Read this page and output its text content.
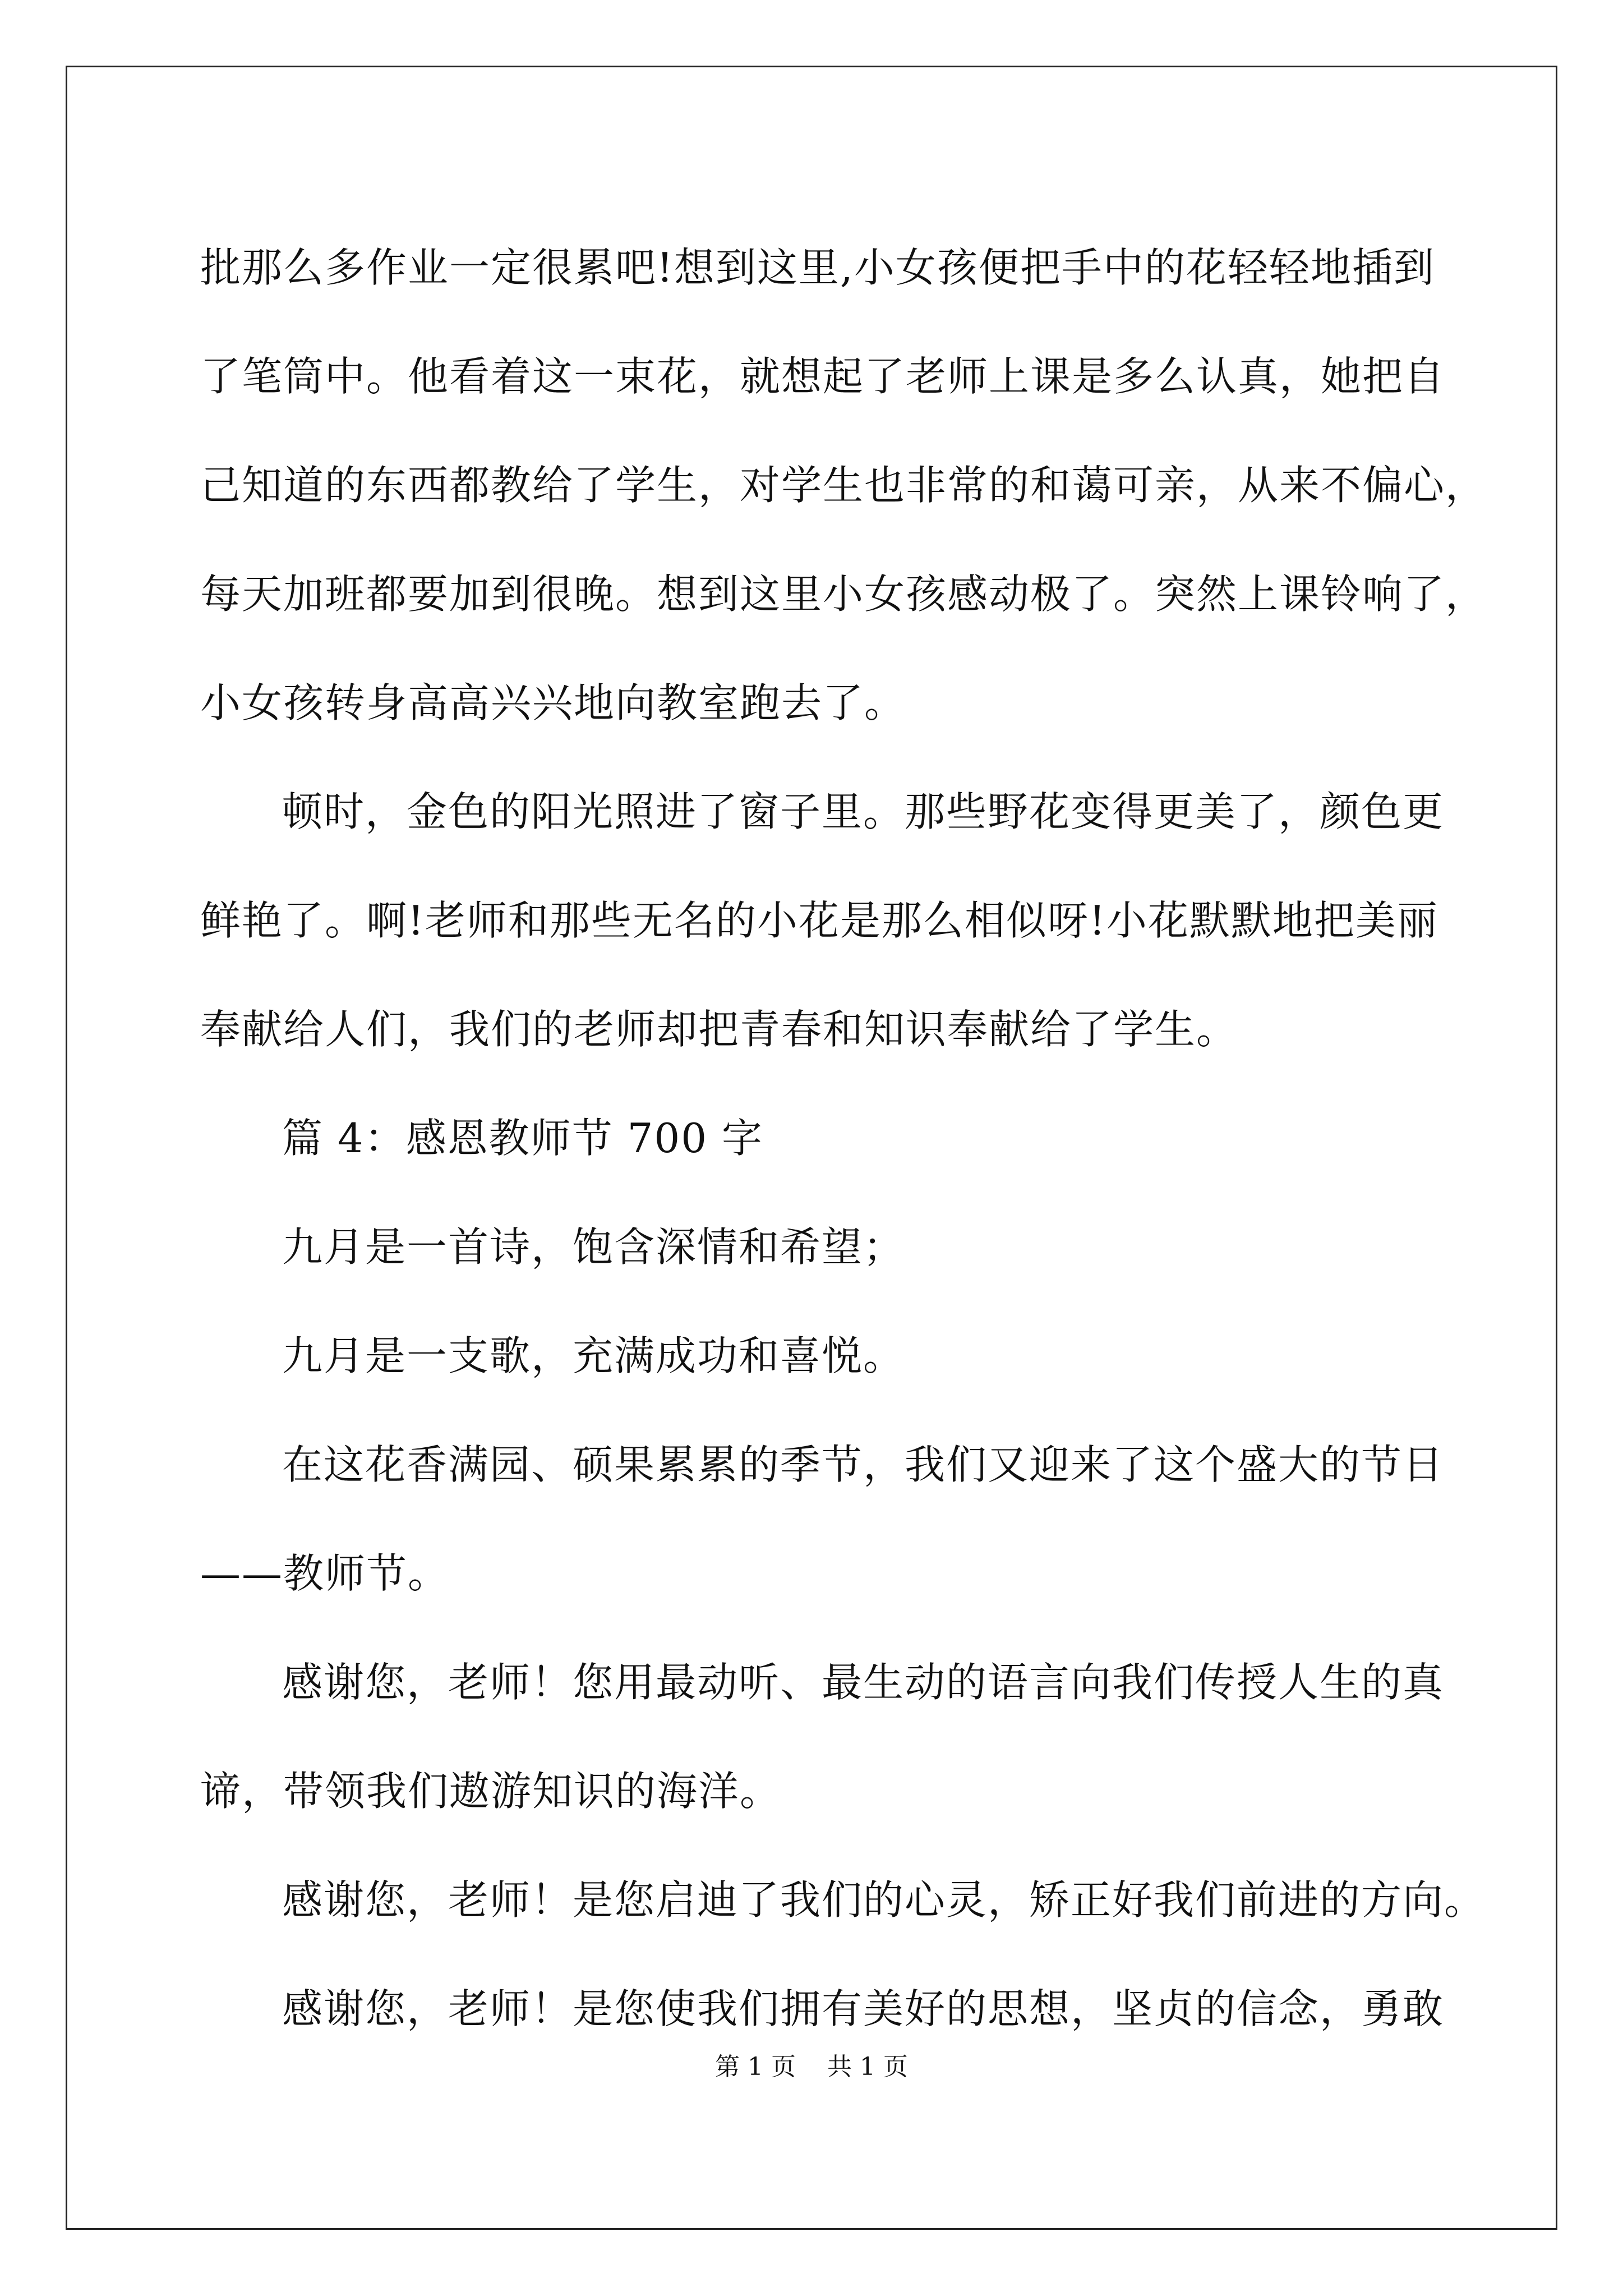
批那么多作业一定很累吧!想到这里,小女孩便把手中的花轻轻地插到

了笔筒中。他看着这一束花，就想起了老师上课是多么认真，她把自

己知道的东西都教给了学生，对学生也非常的和蔼可亲，从来不偏心，

每天加班都要加到很晚。想到这里小女孩感动极了。突然上课铃响了，

小女孩转身高高兴兴地向教室跑去了。

顿时，金色的阳光照进了窗子里。那些野花变得更美了，颜色更

鲜艳了。啊!老师和那些无名的小花是那么相似呀!小花默默地把美丽

奉献给人们，我们的老师却把青春和知识奉献给了学生。

篇 4：感恩教师节 700 字

九月是一首诗，饱含深情和希望；

九月是一支歌，充满成功和喜悦。

在这花香满园、硕果累累的季节，我们又迎来了这个盛大的节日

——教师节。

感谢您，老师！您用最动听、最生动的语言向我们传授人生的真

谛，带领我们遨游知识的海洋。

感谢您，老师！是您启迪了我们的心灵，矫正好我们前进的方向。

感谢您，老师！是您使我们拥有美好的思想，坚贞的信念，勇敢

第 1 页    共 1 页
